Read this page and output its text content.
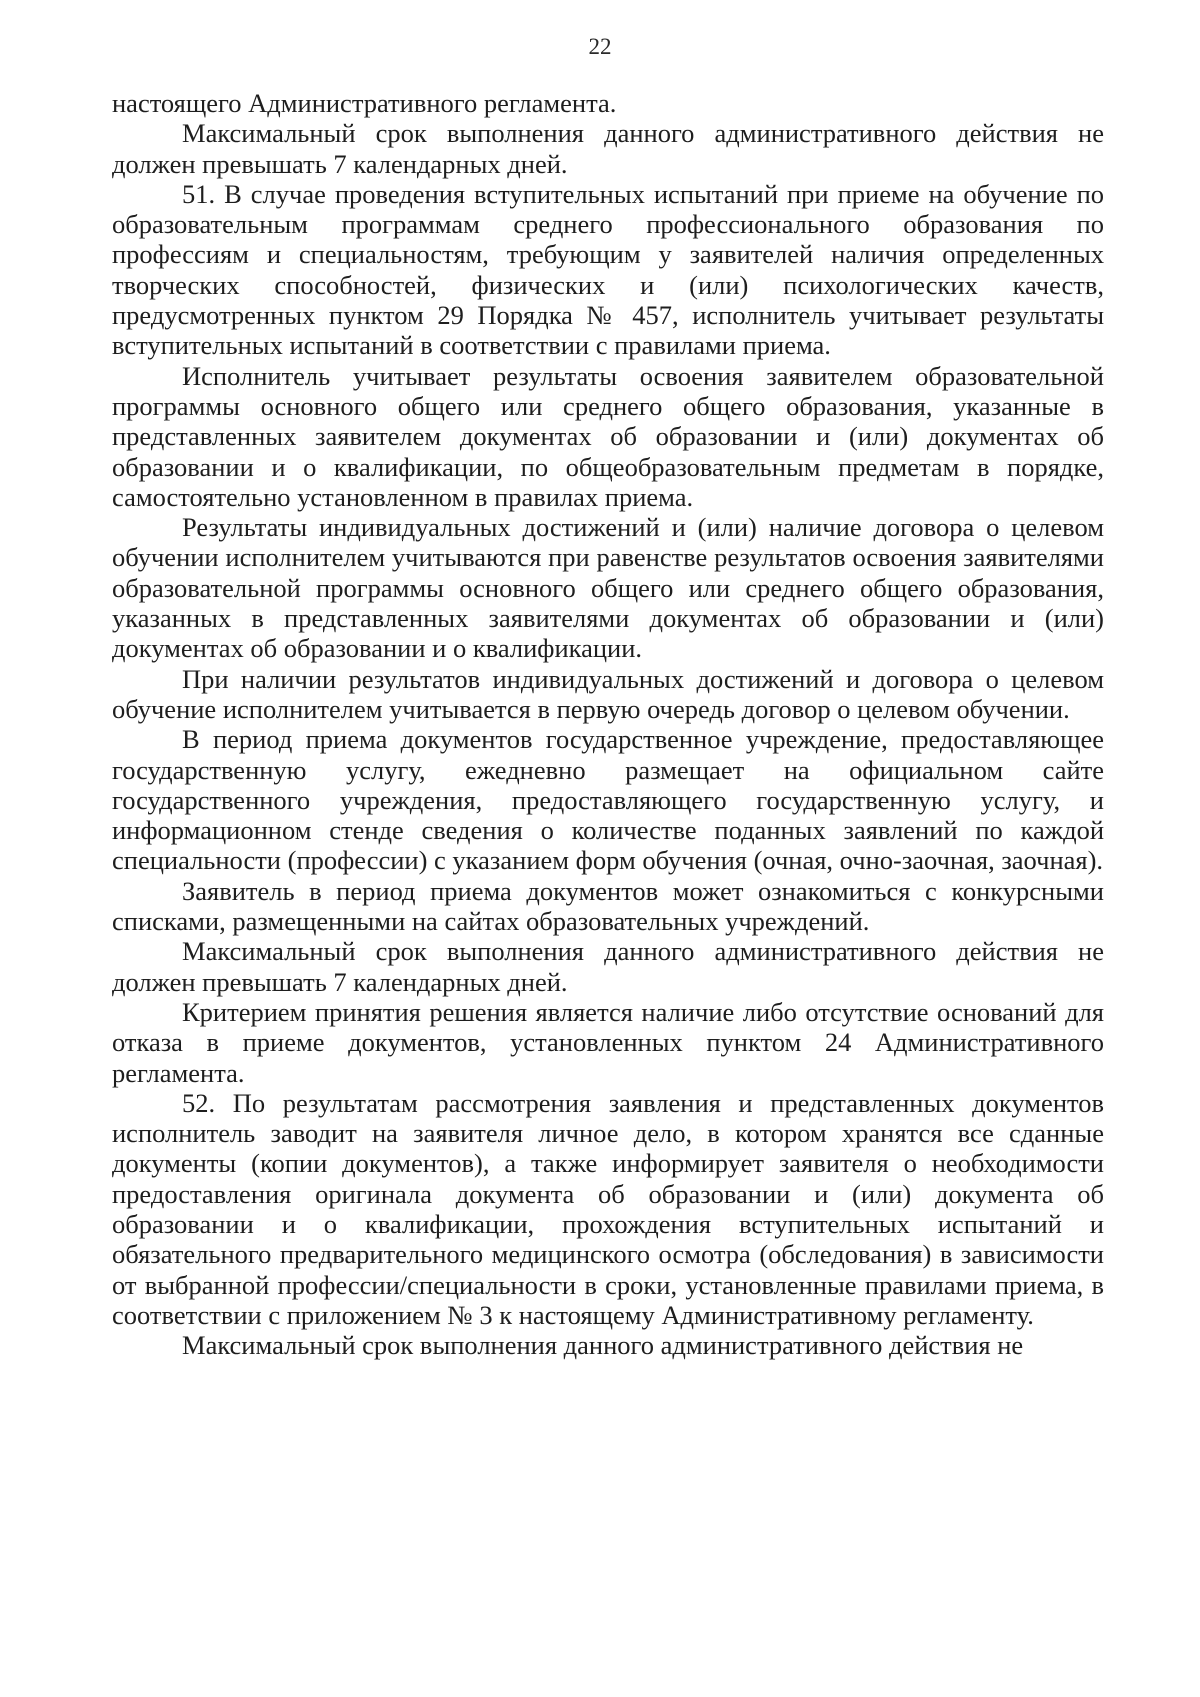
22

настоящего Административного регламента.

Максимальный срок выполнения данного административного действия не должен превышать 7 календарных дней.

51. В случае проведения вступительных испытаний при приеме на обучение по образовательным программам среднего профессионального образования по профессиям и специальностям, требующим у заявителей наличия определенных творческих способностей, физических и (или) психологических качеств, предусмотренных пунктом 29 Порядка № 457, исполнитель учитывает результаты вступительных испытаний в соответствии с правилами приема.

Исполнитель учитывает результаты освоения заявителем образовательной программы основного общего или среднего общего образования, указанные в представленных заявителем документах об образовании и (или) документах об образовании и о квалификации, по общеобразовательным предметам в порядке, самостоятельно установленном в правилах приема.

Результаты индивидуальных достижений и (или) наличие договора о целевом обучении исполнителем учитываются при равенстве результатов освоения заявителями образовательной программы основного общего или среднего общего образования, указанных в представленных заявителями документах об образовании и (или) документах об образовании и о квалификации.

При наличии результатов индивидуальных достижений и договора о целевом обучение исполнителем учитывается в первую очередь договор о целевом обучении.

В период приема документов государственное учреждение, предоставляющее государственную услугу, ежедневно размещает на официальном сайте государственного учреждения, предоставляющего государственную услугу, и информационном стенде сведения о количестве поданных заявлений по каждой специальности (профессии) с указанием форм обучения (очная, очно-заочная, заочная).

Заявитель в период приема документов может ознакомиться с конкурсными списками, размещенными на сайтах образовательных учреждений.

Максимальный срок выполнения данного административного действия не должен превышать 7 календарных дней.

Критерием принятия решения является наличие либо отсутствие оснований для отказа в приеме документов, установленных пунктом 24 Административного регламента.

52. По результатам рассмотрения заявления и представленных документов исполнитель заводит на заявителя личное дело, в котором хранятся все сданные документы (копии документов), а также информирует заявителя о необходимости предоставления оригинала документа об образовании и (или) документа об образовании и о квалификации, прохождения вступительных испытаний и обязательного предварительного медицинского осмотра (обследования) в зависимости от выбранной профессии/специальности в сроки, установленные правилами приема, в соответствии с приложением № 3 к настоящему Административному регламенту.

Максимальный срок выполнения данного административного действия не
